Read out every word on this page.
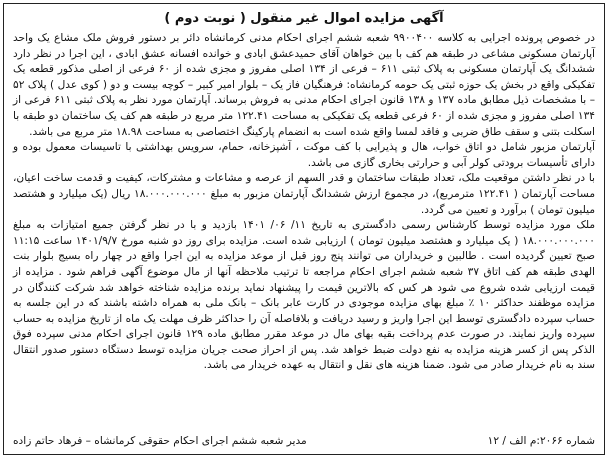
آگهی مزایده اموال غیر منقول ( نوبت دوم )

در خصوص پرونده اجرایی به کلاسه ۹۹۰۰۴۰۰ شعبه ششم اجرای احکام مدنی کرمانشاه دائر بر دستور فروش ملک مشاع یک واحد آپارتمان مسکونی مشاعی در طبقه هم کف با بین خواهان آقای حمیدعشق ابادی و خوانده افسانه عشق ابادی ، این اجرا در نظر دارد ششدانگ یک آپارتمان مسکونی به پلاک ثبتی ۶۱۱ – فرعی از ۱۳۴ اصلی مفروز و مجزی شده از ۶۰ فرعی از اصلی مذکور قطعه یک تفکیکی واقع در بخش یک حوزه ثبتی یک حومه کرمانشاه: فرهنگیان فاز یک – بلوار امیر کبیر – کوچه بیست و دو ( کوی عدل ) پلاک ۵۲ – با مشخصات ذیل مطابق ماده ۱۳۷ و ۱۳۸ قانون اجرای احکام مدنی به فروش برساند. آپارتمان مورد نظر به پلاک ثبتی ۶۱۱ فرعی از ۱۳۴ اصلی مفروز و مجزی شده از ۶۰ فرعی قطعه یک تفکیکی به مساحت ۱۲۲.۴۱ متر مربع در طبقه هم کف یک ساختمان دو طبقه با اسکلت بتنی و سقف طاق ضربی و فاقد لمسا واقع شده است به انضمام پارکینگ اختصاصی به مساحت ۱۸.۹۸ متر مربع می باشد.

آپارتمان مزبور شامل دو اتاق خواب، هال و پذیرایی با کف موکت ، آشپزخانه، حمام، سرویس بهداشتی با تاسیسات معمول بوده و دارای تأسیسات برودتی کولر آبی و حرارتی بخاری گازی می باشد.

با در نظر داشتن موقعیت ملک، تعداد طبقات ساختمان و قدر السهم از عرصه و مشاعات و مشترکات، کیفیت و قدمت ساخت اعیان، مساحت آپارتمان ( ۱۲۲.۴۱ مترمربع)، در مجموع ارزش ششدانگ آپارتمان مزبور به مبلغ ۱۸.۰۰۰.۰۰۰.۰۰۰ ریال (یک میلیارد و هشتصد میلیون تومان ) برآورد و تعیین می گردد.

ملک مورد مزایده توسط کارشناس رسمی دادگستری به تاریخ ۱۱/ ۰۶/ ۱۴۰۱ بازدید و با در نظر گرفتن جمیع امتیازات به مبلغ ۱۸.۰۰۰.۰۰۰.۰۰۰ ( یک میلیارد و هشتصد میلیون تومان ) ارزیابی شده است. مزایده برای روز دو شنبه مورخ ۱۴۰۱/۹/۷ ساعت ۱۱:۱۵ صبح تعیین گردیده است . طالبین و خریداران می توانند پنج روز قبل از موعد مزایده به این اجرا واقع در چهار راه بسیج بلوار بنت الهدی طبقه هم کف اتاق ۳۷ شعبه ششم اجرای احکام مراجعه تا ترتیب ملاحظه آنها از مال موضوع آگهی فراهم شود . مزایده از قیمت ارزیابی شده شروع می شود هر کس که بالاترین قیمت را پیشنهاد نماید برنده مزایده شناخته خواهد شد شرکت کنندگان در مزایده موظفند حداکثر ۱۰ ٪ مبلغ بهای مزایده موجودی در کارت عابر بانک – بانک ملی به همراه داشته باشند که در این جلسه به حساب سپرده دادگستری توسط این اجرا واریز و رسید دریافت و بلافاصله آن را حداکثر ظرف مهلت یک ماه از تاریخ مزایده به حساب سپرده واریز نمایند. در صورت عدم پرداخت بقیه بهای مال در موعد مقرر مطابق ماده ۱۲۹ قانون اجرای احکام مدنی سپرده فوق الذکر پس از کسر هزینه مزایده به نفع دولت ضبط خواهد شد. پس از احراز صحت جریان مزایده توسط دستگاه دستور صدور انتقال سند به نام خریدار صادر می شود. ضمنا هزینه های نقل و انتقال به عهده خریدار می باشد.

شماره ۲۰۶۶:م الف / ۱۲
مدیر شعبه ششم اجرای احکام حقوقی کرمانشاه – فرهاد حاتم زاده
